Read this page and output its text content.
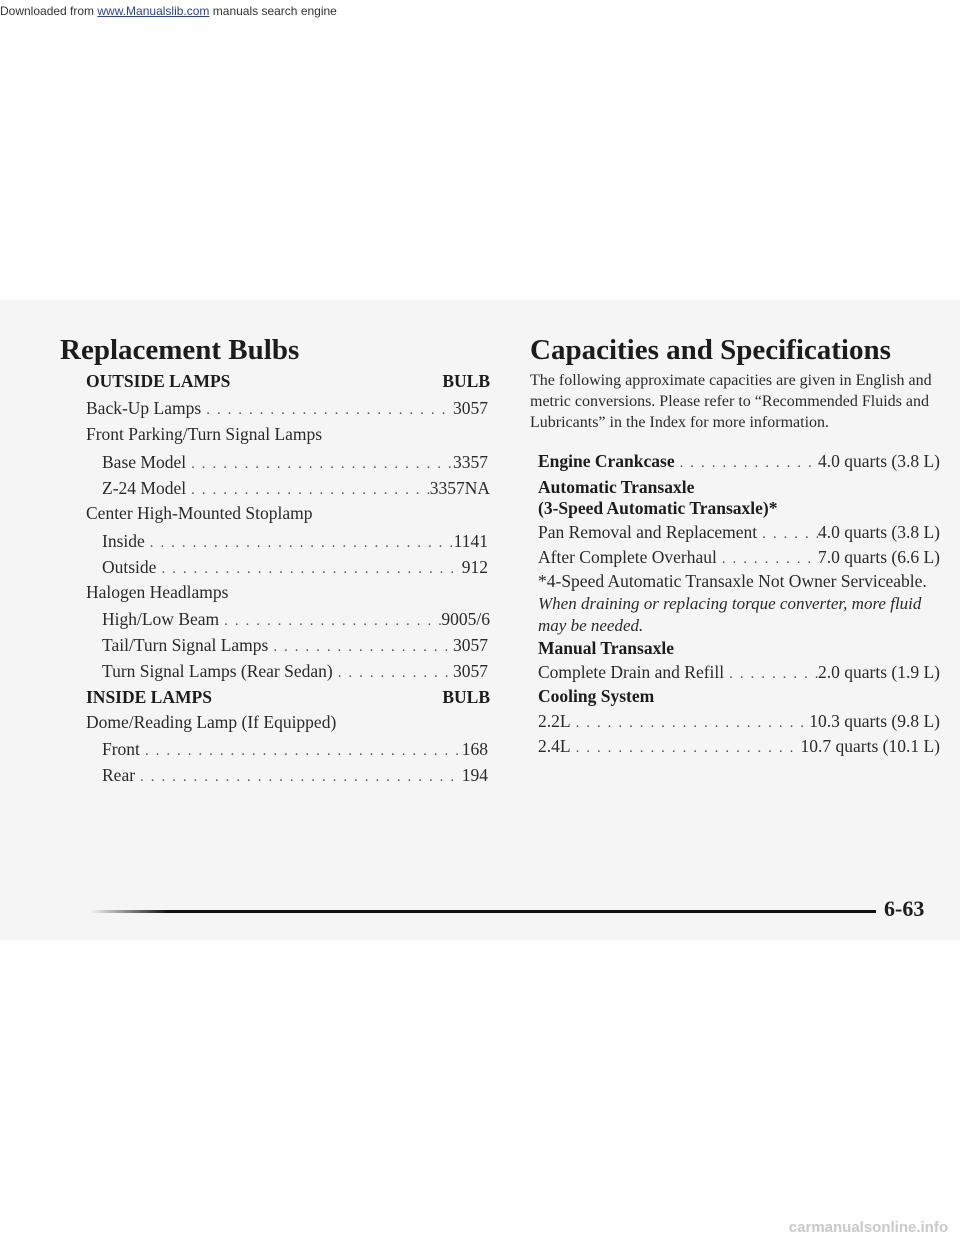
Downloaded from www.Manualslib.com manuals search engine
Replacement Bulbs
OUTSIDE LAMPS	BULB
Back-Up Lamps . . .	3057
Front Parking/Turn Signal Lamps
Base Model . . .	3357
Z-24 Model . . .	3357NA
Center High-Mounted Stoplamp
Inside . . .	1141
Outside . . .	912
Halogen Headlamps
High/Low Beam . . .	9005/6
Tail/Turn Signal Lamps . . .	3057
Turn Signal Lamps (Rear Sedan) . . .	3057
INSIDE LAMPS	BULB
Dome/Reading Lamp (If Equipped)
Front . . .	168
Rear . . .	194
Capacities and Specifications
The following approximate capacities are given in English and metric conversions. Please refer to “Recommended Fluids and Lubricants” in the Index for more information.
Engine Crankcase . . .	4.0 quarts (3.8 L)
Automatic Transaxle
(3-Speed Automatic Transaxle)*
Pan Removal and Replacement . . .	4.0 quarts (3.8 L)
After Complete Overhaul . . .	7.0 quarts (6.6 L)
*4-Speed Automatic Transaxle Not Owner Serviceable.
When draining or replacing torque converter, more fluid may be needed.
Manual Transaxle
Complete Drain and Refill . . .	2.0 quarts (1.9 L)
Cooling System
2.2L . . .	10.3 quarts (9.8 L)
2.4L . . .	10.7 quarts (10.1 L)

6-63

carmanualsonline.info
